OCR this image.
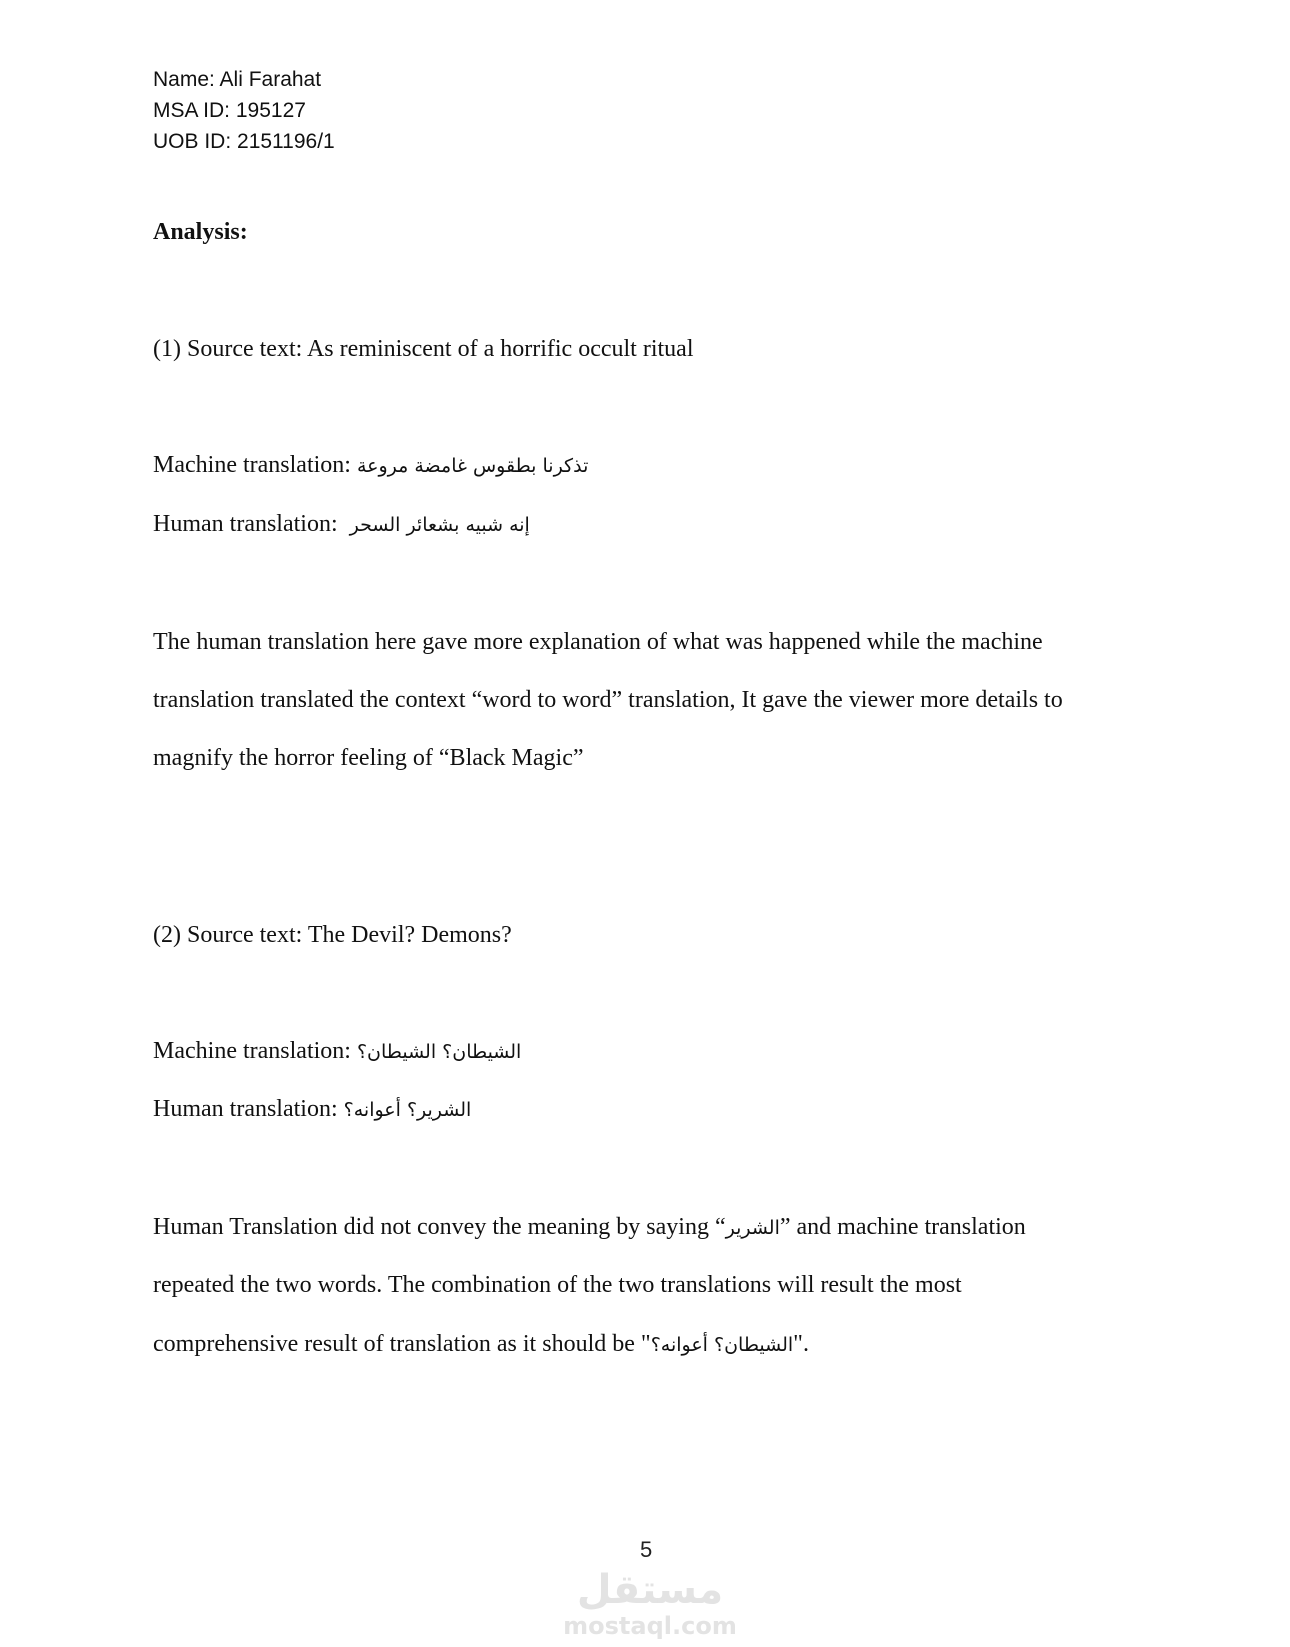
Name: Ali Farahat
MSA ID: 195127
UOB ID: 2151196/1
Analysis:
(1) Source text: As reminiscent of a horrific occult ritual
Machine translation: تذكرنا بطقوس غامضة مروعة
Human translation:  إنه شبيه بشعائر السحر
The human translation here gave more explanation of what was happened while the machine
translation translated the context “word to word” translation, It gave the viewer more details to
magnify the horror feeling of “Black Magic”
(2) Source text: The Devil? Demons?
Machine translation: الشيطان؟ الشيطان؟
Human translation: الشرير؟ أعوانه؟
Human Translation did not convey the meaning by saying “الشرير” and machine translation
repeated the two words. The combination of the two translations will result the most
comprehensive result of translation as it should be "الشيطان؟ أعوانه؟".
5
مستقل
mostaql.com
